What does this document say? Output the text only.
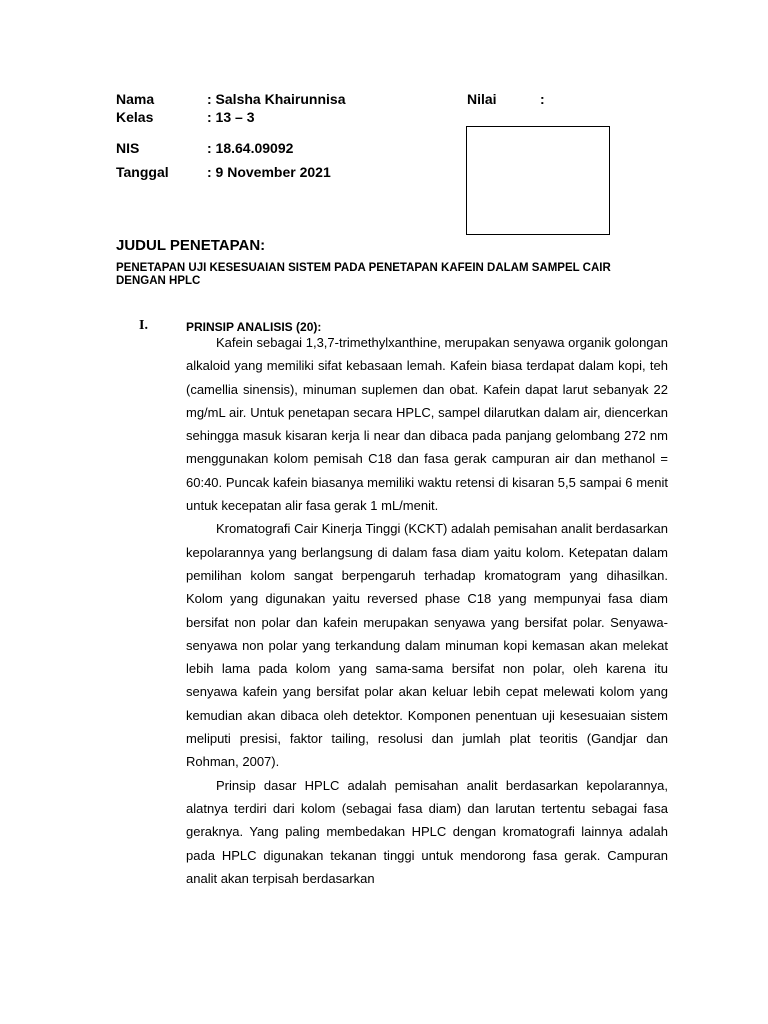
Nama	: Salsha Khairunnisa	Nilai	:
Kelas	: 13 – 3
NIS	: 18.64.09092
Tanggal	: 9 November 2021
JUDUL PENETAPAN:
PENETAPAN UJI KESESUAIAN SISTEM PADA PENETAPAN KAFEIN DALAM SAMPEL CAIR DENGAN HPLC
I.	PRINSIP ANALISIS (20):

Kafein sebagai 1,3,7-trimethylxanthine, merupakan senyawa organik golongan alkaloid yang memiliki sifat kebasaan lemah. Kafein biasa terdapat dalam kopi, teh (camellia sinensis), minuman suplemen dan obat. Kafein dapat larut sebanyak 22 mg/mL air. Untuk penetapan secara HPLC, sampel dilarutkan dalam air, diencerkan sehingga masuk kisaran kerja li near dan dibaca pada panjang gelombang 272 nm menggunakan kolom pemisah C18 dan fasa gerak campuran air dan methanol = 60:40. Puncak kafein biasanya memiliki waktu retensi di kisaran 5,5 sampai 6 menit untuk kecepatan alir fasa gerak 1 mL/menit.

Kromatografi Cair Kinerja Tinggi (KCKT) adalah pemisahan analit berdasarkan kepolarannya yang berlangsung di dalam fasa diam yaitu kolom. Ketepatan dalam pemilihan kolom sangat berpengaruh terhadap kromatogram yang dihasilkan. Kolom yang digunakan yaitu reversed phase C18 yang mempunyai fasa diam bersifat non polar dan kafein merupakan senyawa yang bersifat polar. Senyawa-senyawa non polar yang terkandung dalam minuman kopi kemasan akan melekat lebih lama pada kolom yang sama-sama bersifat non polar, oleh karena itu senyawa kafein yang bersifat polar akan keluar lebih cepat melewati kolom yang kemudian akan dibaca oleh detektor. Komponen penentuan uji kesesuaian sistem meliputi presisi, faktor tailing, resolusi dan jumlah plat teoritis (Gandjar dan Rohman, 2007).

Prinsip dasar HPLC adalah pemisahan analit berdasarkan kepolarannya, alatnya terdiri dari kolom (sebagai fasa diam) dan larutan tertentu sebagai fasa geraknya. Yang paling membedakan HPLC dengan kromatografi lainnya adalah pada HPLC digunakan tekanan tinggi untuk mendorong fasa gerak. Campuran analit akan terpisah berdasarkan
